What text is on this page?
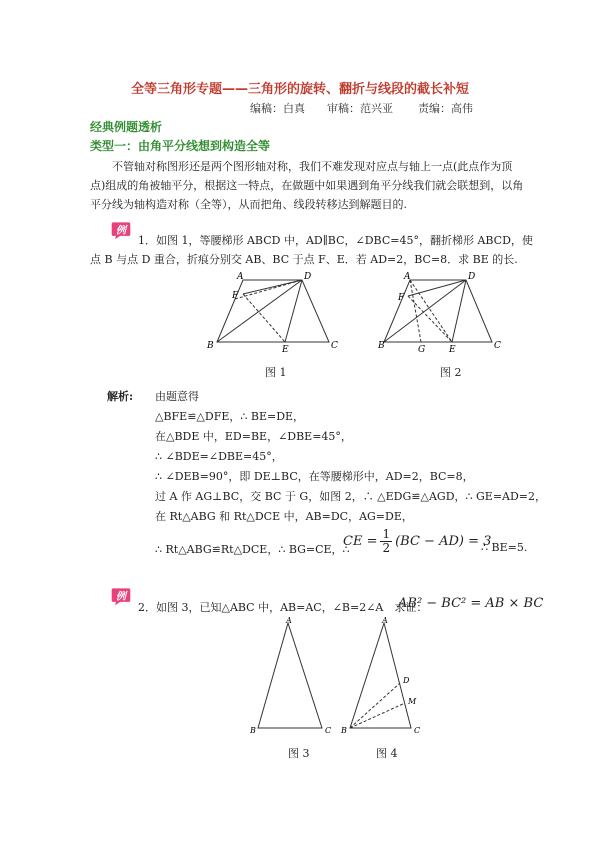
全等三角形专题——三角形的旋转、翻折与线段的截长补短
编稿：白真 审稿：范兴亚 责编：高伟
经典例题透析
类型一：由角平分线想到构造全等
不管轴对称图形还是两个图形轴对称，我们不难发现对应点与轴上一点(此点作为顶点)组成的角被轴平分，根据这一特点，在做题中如果遇到角平分线我们就会联想到，以角平分线为轴构造对称（全等），从而把角、线段转移达到解题目的.
例
1．如图 1，等腰梯形 ABCD 中，AD∥BC，∠DBC=45°，翻折梯形 ABCD，使
点 B 与点 D 重合，折痕分别交 AB、BC 于点 F、E．若 AD=2，BC=8．求 BE 的长.
A	D
F
B	E	C
A	D
F
B	G	E	C
图 1	图 2
解析: 由题意得
△BFE≌△DFE，∴ BE=DE，
在△BDE 中，ED=BE，∠DBE=45°，
∴ ∠BDE=∠DBE=45°，
∴ ∠DEB=90°，即 DE⊥BC，在等腰梯形中，AD=2，BC=8，
过 A 作 AG⊥BC，交 BC 于 G，如图 2，∴ △EDG≌△AGD，∴ GE=AD=2，
在 Rt△ABG 和 Rt△DCE 中，AB=DC，AG=DE，
∴ Rt△ABG≌Rt△DCE，∴ BG=CE，∴
CE = $\frac{1}{2} (BC - AD) = 3$
∴ BE=5.
例
2．如图 3，已知△ABC 中，AB=AC，∠B=2∠A　求证：
AB² − BC² = AB × BC
A
B	C
A
D
M
B	C
图 3	图 4
